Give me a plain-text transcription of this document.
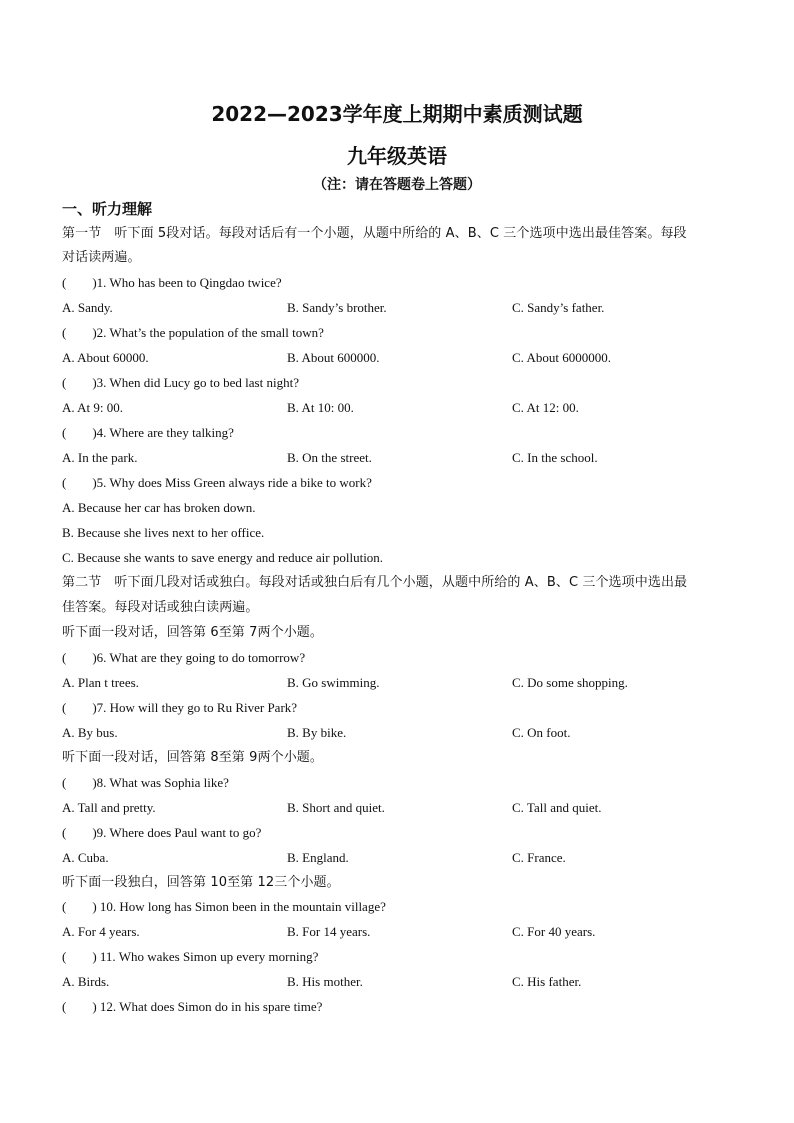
2022—2023学年度上期期中素质测试题
九年级英语
（注：请在答题卷上答题）
一、听力理解
第一节　听下面 5段对话。每段对话后有一个小题，从题中所给的 A、B、C 三个选项中选出最佳答案。每段
对话读两遍。
(　　)1. Who has been to Qingdao twice?
A. Sandy.	B. Sandy’s brother.	C. Sandy’s father.
(　　)2. What’s the population of the small town?
A. About 60000.	B. About 600000.	C. About 6000000.
(　　)3. When did Lucy go to bed last night?
A. At 9: 00.	B. At 10: 00.	C. At 12: 00.
(　　)4. Where are they talking?
A. In the park.	B. On the street.	C. In the school.
(　　)5. Why does Miss Green always ride a bike to work?
A. Because her car has broken down.
B. Because she lives next to her office.
C. Because she wants to save energy and reduce air pollution.
第二节　听下面几段对话或独白。每段对话或独白后有几个小题，从题中所给的 A、B、C 三个选项中选出最
佳答案。每段对话或独白读两遍。
听下面一段对话，回答第 6至第 7两个小题。
(　　)6. What are they going to do tomorrow?
A. Plan t trees.	B. Go swimming.	C. Do some shopping.
(　　)7. How will they go to Ru River Park?
A. By bus.	B. By bike.	C. On foot.
听下面一段对话，回答第 8至第 9两个小题。
(　　)8. What was Sophia like?
A. Tall and pretty.	B. Short and quiet.	C. Tall and quiet.
(　　)9. Where does Paul want to go?
A. Cuba.	B. England.	C. France.
听下面一段独白，回答第 10至第 12三个小题。
(　　) 10. How long has Simon been in the mountain village?
A. For 4 years.	B. For 14 years.	C. For 40 years.
(　　) 11. Who wakes Simon up every morning?
A. Birds.	B. His mother.	C. His father.
(　　) 12. What does Simon do in his spare time?
